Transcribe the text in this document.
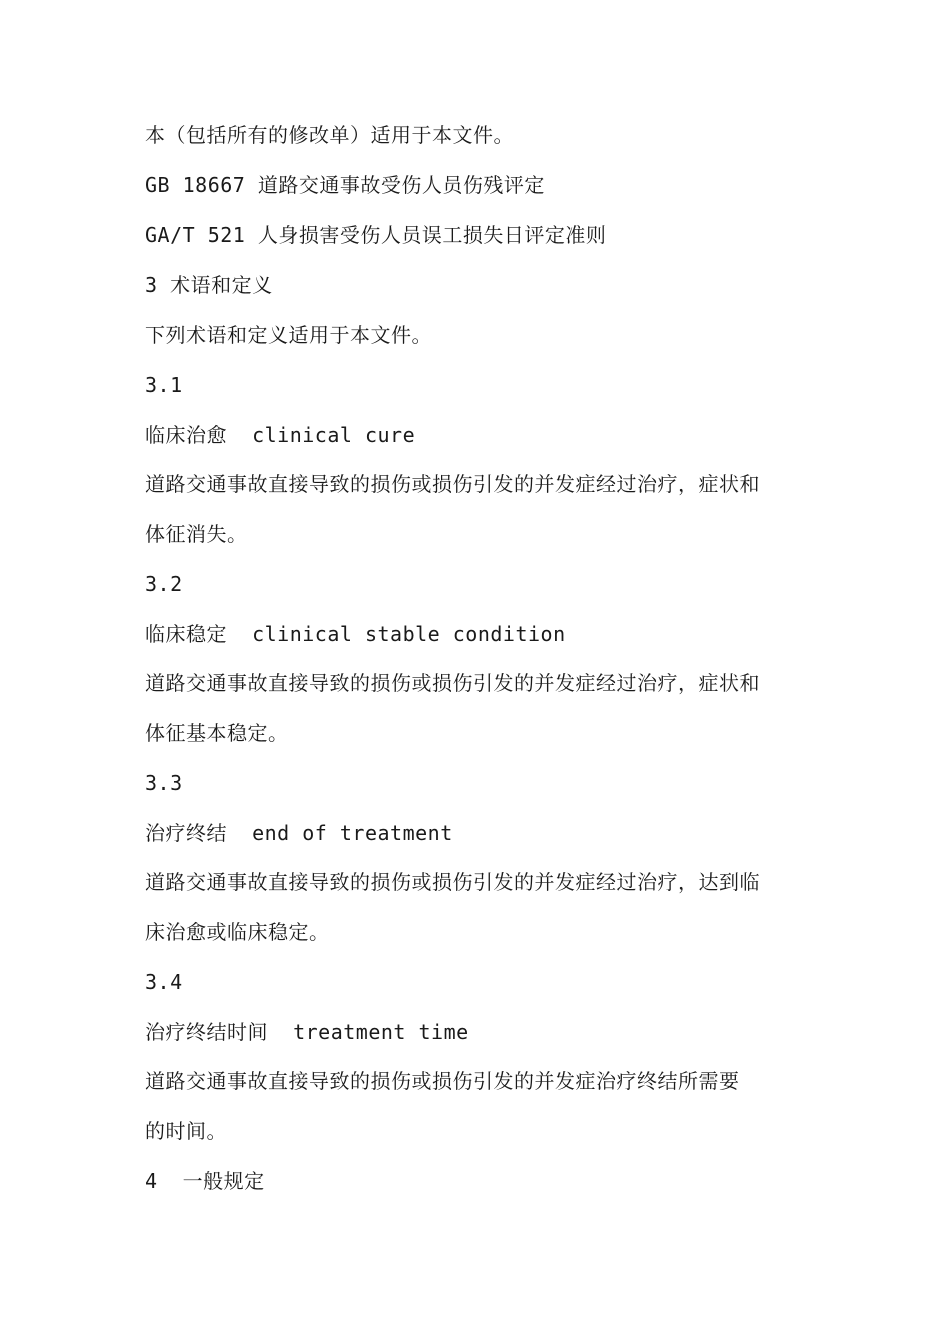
本（包括所有的修改单）适用于本文件。
GB 18667 道路交通事故受伤人员伤残评定
GA/T 521 人身损害受伤人员误工损失日评定准则
3 术语和定义
下列术语和定义适用于本文件。
3.1
临床治愈  clinical cure
道路交通事故直接导致的损伤或损伤引发的并发症经过治疗，症状和
体征消失。
3.2
临床稳定  clinical stable condition
道路交通事故直接导致的损伤或损伤引发的并发症经过治疗，症状和
体征基本稳定。
3.3
治疗终结  end of treatment
道路交通事故直接导致的损伤或损伤引发的并发症经过治疗，达到临
床治愈或临床稳定。
3.4
治疗终结时间  treatment time
道路交通事故直接导致的损伤或损伤引发的并发症治疗终结所需要
的时间。
4  一般规定
